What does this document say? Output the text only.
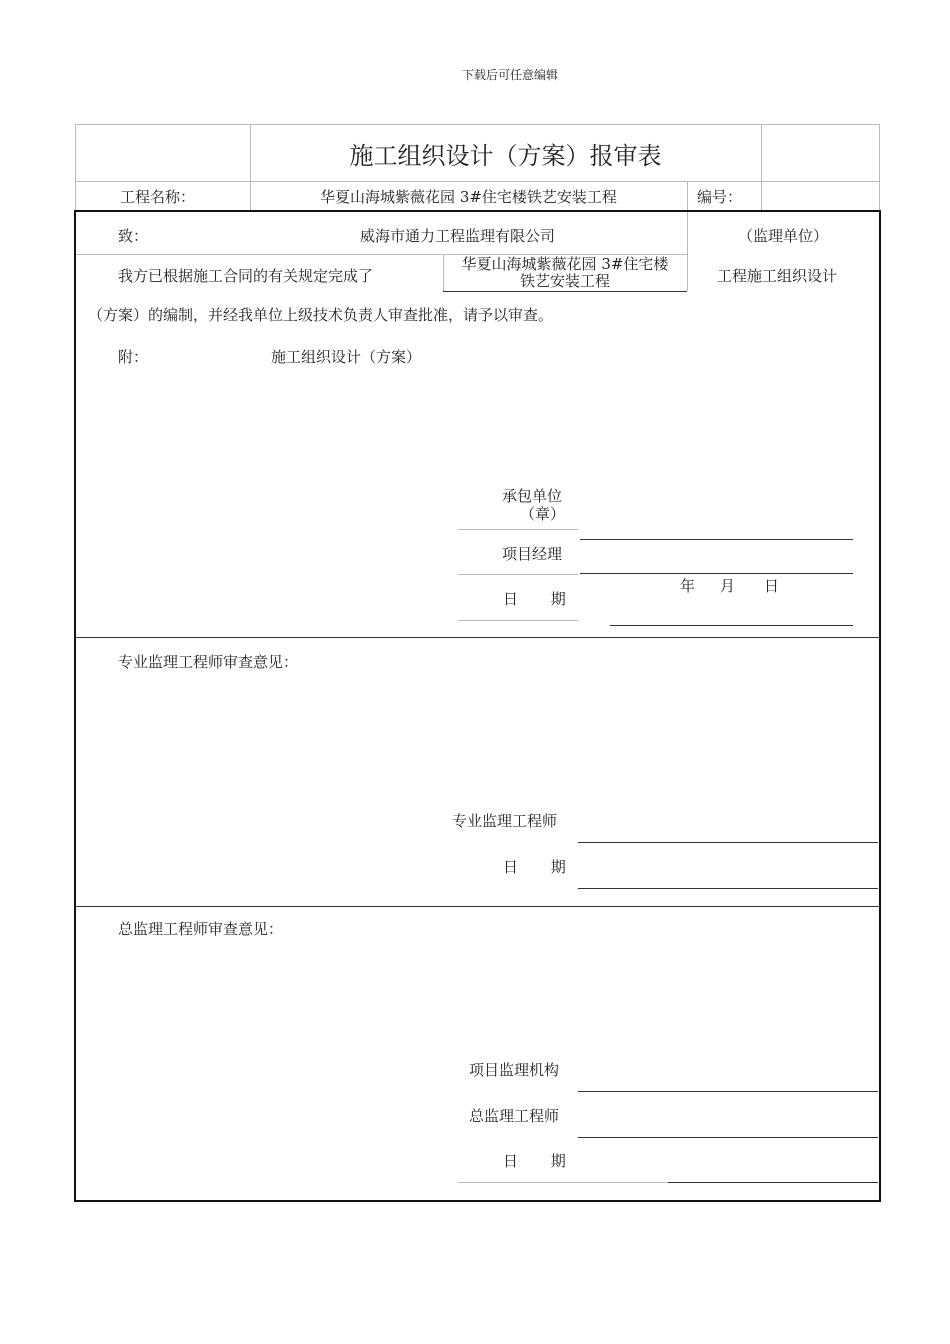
下载后可任意编辑
施工组织设计（方案）报审表
工程名称：	华夏山海城紫薇花园 3#住宅楼铁艺安装工程	编号：
致：	威海市通力工程监理有限公司	（监理单位）
我方已根据施工合同的有关规定完成了
华夏山海城紫薇花园 3#住宅楼
铁艺安装工程	工程施工组织设计
（方案）的编制，并经我单位上级技术负责人审查批准，请予以审查。
附：	施工组织设计（方案）
承包单位
（章）
项目经理
年 月 日
日 期
专业监理工程师审查意见：
专业监理工程师
日 期
总监理工程师审查意见：
项目监理机构
总监理工程师
日 期
